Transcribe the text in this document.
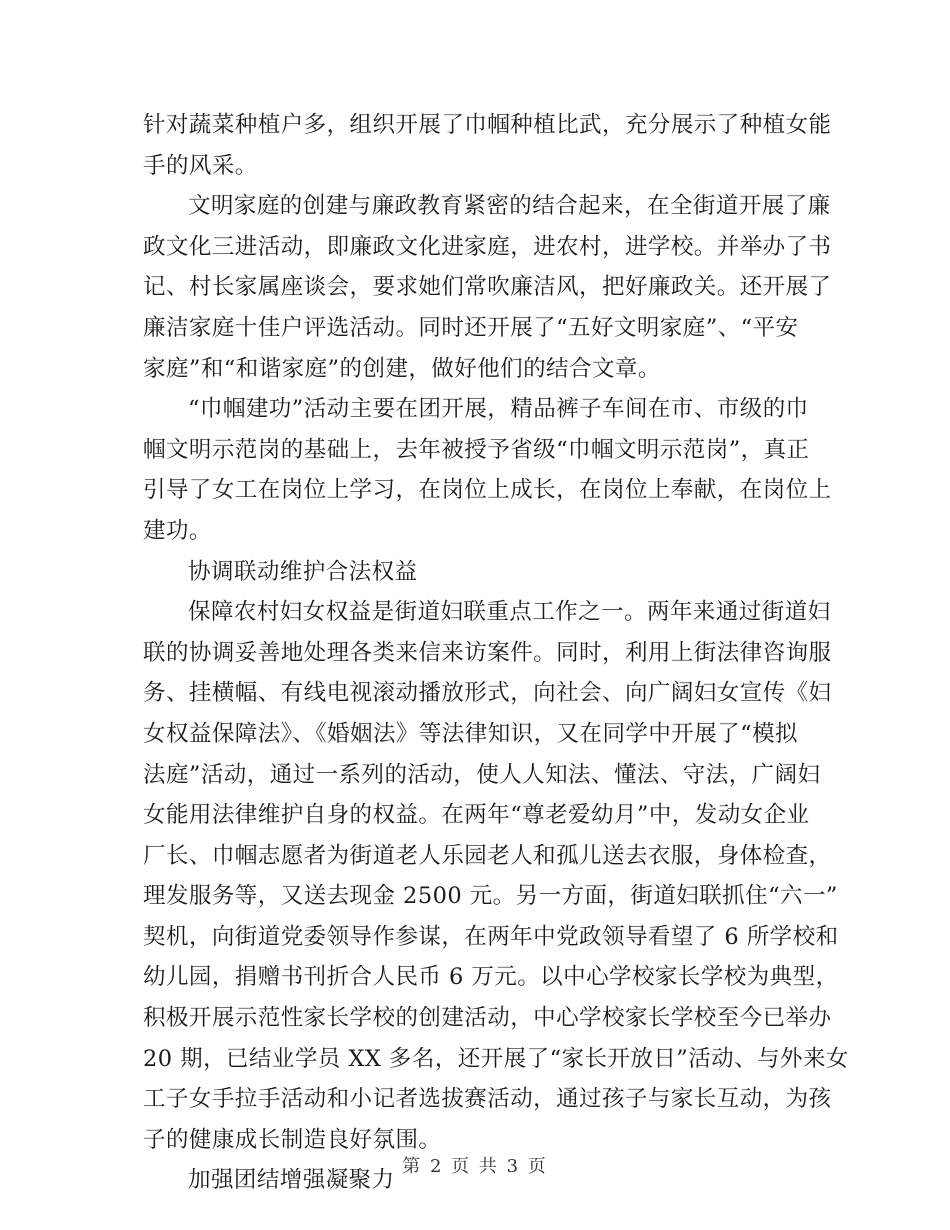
针对蔬菜种植户多，组织开展了巾帼种植比武，充分展示了种植女能
手的风采。
文明家庭的创建与廉政教育紧密的结合起来，在全街道开展了廉
政文化三进活动，即廉政文化进家庭，进农村，进学校。并举办了书
记、村长家属座谈会，要求她们常吹廉洁风，把好廉政关。还开展了
廉洁家庭十佳户评选活动。同时还开展了“五好文明家庭”、“平安
家庭”和“和谐家庭”的创建，做好他们的结合文章。
“巾帼建功”活动主要在团开展，精品裤子车间在市、市级的巾
帼文明示范岗的基础上，去年被授予省级“巾帼文明示范岗”，真正
引导了女工在岗位上学习，在岗位上成长，在岗位上奉献，在岗位上
建功。
协调联动维护合法权益
保障农村妇女权益是街道妇联重点工作之一。两年来通过街道妇
联的协调妥善地处理各类来信来访案件。同时，利用上街法律咨询服
务、挂横幅、有线电视滚动播放形式，向社会、向广阔妇女宣传《妇
女权益保障法》、《婚姻法》等法律知识，又在同学中开展了“模拟
法庭”活动，通过一系列的活动，使人人知法、懂法、守法，广阔妇
女能用法律维护自身的权益。在两年“尊老爱幼月”中，发动女企业
厂长、巾帼志愿者为街道老人乐园老人和孤儿送去衣服，身体检查，
理发服务等，又送去现金 2500 元。另一方面，街道妇联抓住“六一”
契机，向街道党委领导作参谋，在两年中党政领导看望了 6 所学校和
幼儿园，捐赠书刊折合人民币 6 万元。以中心学校家长学校为典型，
积极开展示范性家长学校的创建活动，中心学校家长学校至今已举办
20 期，已结业学员 XX 多名，还开展了“家长开放日”活动、与外来女
工子女手拉手活动和小记者选拔赛活动，通过孩子与家长互动，为孩
子的健康成长制造良好氛围。
加强团结增强凝聚力
第 2 页 共 3 页
